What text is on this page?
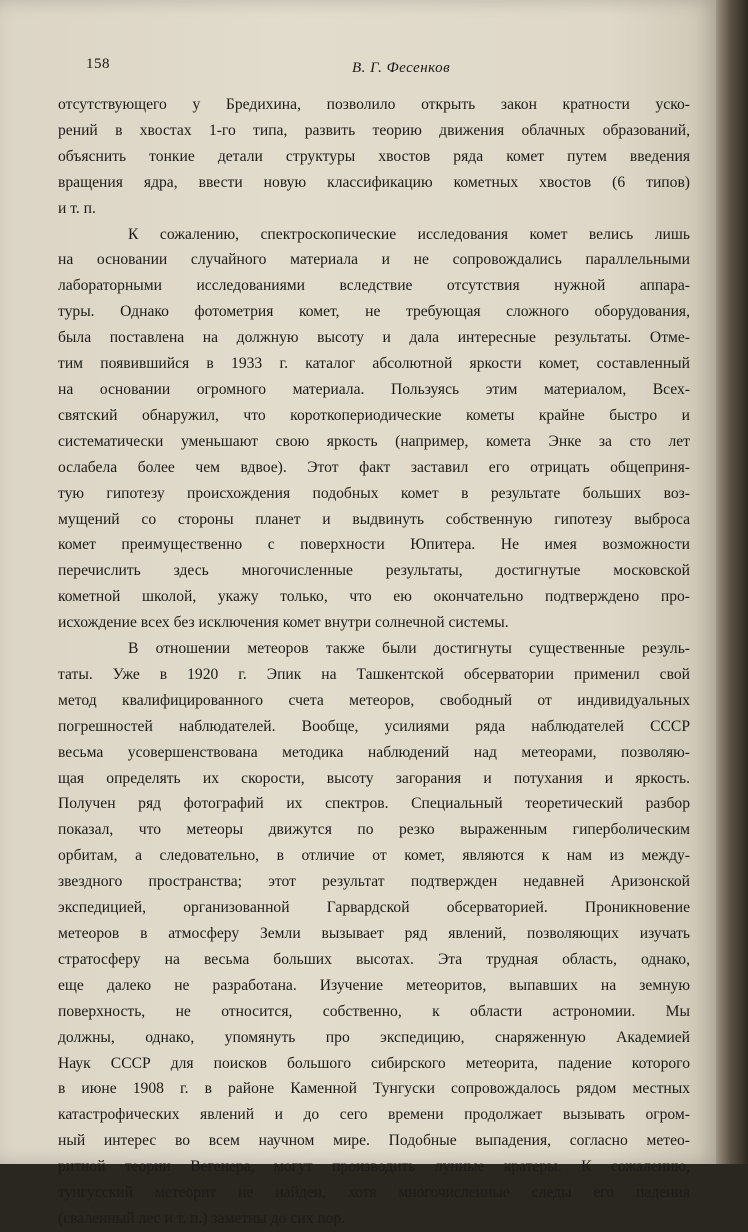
158	В. Г. Фесенков
отсутствующего у Бредихина, позволило открыть закон кратности уско-
рений в хвостах 1-го типа, развить теорию движения облачных образований,
объяснить тонкие детали структуры хвостов ряда комет путем введения
вращения ядра, ввести новую классификацию кометных хвостов (6 типов)
и т. п.
К сожалению, спектроскопические исследования комет велись лишь
на основании случайного материала и не сопровождались параллельными
лабораторными исследованиями вследствие отсутствия нужной аппара-
туры. Однако фотометрия комет, не требующая сложного оборудования,
была поставлена на должную высоту и дала интересные результаты. Отме-
тим появившийся в 1933 г. каталог абсолютной яркости комет, составленный
на основании огромного материала. Пользуясь этим материалом, Всех-
святский обнаружил, что короткопериодические кометы крайне быстро и
систематически уменьшают свою яркость (например, комета Энке за сто лет
ослабела более чем вдвое). Этот факт заставил его отрицать общеприня-
тую гипотезу происхождения подобных комет в результате больших воз-
мущений со стороны планет и выдвинуть собственную гипотезу выброса
комет преимущественно с поверхности Юпитера. Не имея возможности
перечислить здесь многочисленные результаты, достигнутые московской
кометной школой, укажу только, что ею окончательно подтверждено про-
исхождение всех без исключения комет внутри солнечной системы.
В отношении метеоров также были достигнуты существенные резуль-
таты. Уже в 1920 г. Эпик на Ташкентской обсерватории применил свой
метод квалифицированного счета метеоров, свободный от индивидуальных
погрешностей наблюдателей. Вообще, усилиями ряда наблюдателей СССР
весьма усовершенствована методика наблюдений над метеорами, позволяю-
щая определять их скорости, высоту загорания и потухания и яркость.
Получен ряд фотографий их спектров. Специальный теоретический разбор
показал, что метеоры движутся по резко выраженным гиперболическим
орбитам, а следовательно, в отличие от комет, являются к нам из между-
звездного пространства; этот результат подтвержден недавней Аризонской
экспедицией, организованной Гарвардской обсерваторией. Проникновение
метеоров в атмосферу Земли вызывает ряд явлений, позволяющих изучать
стратосферу на весьма больших высотах. Эта трудная область, однако,
еще далеко не разработана. Изучение метеоритов, выпавших на земную
поверхность, не относится, собственно, к области астрономии. Мы
должны, однако, упомянуть про экспедицию, снаряженную Академией
Наук СССР для поисков большого сибирского метеорита, падение которого
в июне 1908 г. в районе Каменной Тунгуски сопровождалось рядом местных
катастрофических явлений и до сего времени продолжает вызывать огром-
ный интерес во всем научном мире. Подобные выпадения, согласно метео-
ритной теории Вегенера, могут производить лунные кратеры. К сожалению,
тунгусский метеорит не найден, хотя многочисленные следы его падения
(сваленный лес и т. п.) заметны до сих пор.
